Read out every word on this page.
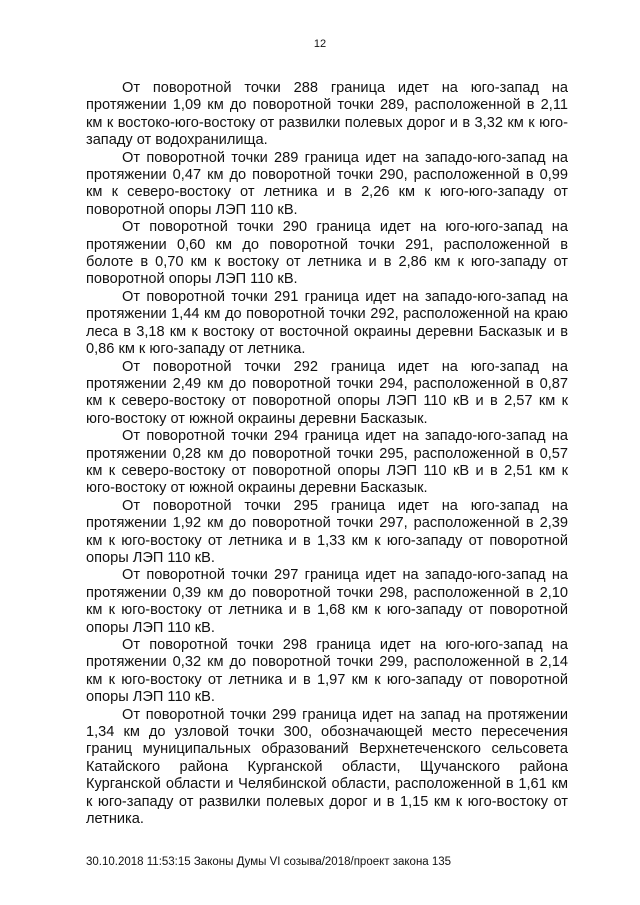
12

От поворотной точки 288 граница идет на юго-запад на протяжении 1,09 км до поворотной точки 289, расположенной в 2,11 км к востоко-юго-востоку от развилки полевых дорог и в 3,32 км к юго-западу от водохранилища.

От поворотной точки 289 граница идет на западо-юго-запад на протяжении 0,47 км до поворотной точки 290, расположенной в 0,99 км к северо-востоку от летника и в 2,26 км к юго-юго-западу от поворотной опоры ЛЭП 110 кВ.

От поворотной точки 290 граница идет на юго-юго-запад на протяжении 0,60 км до поворотной точки 291, расположенной в болоте в 0,70 км к востоку от летника и в 2,86 км к юго-западу от поворотной опоры ЛЭП 110 кВ.

От поворотной точки 291 граница идет на западо-юго-запад на протяжении 1,44 км до поворотной точки 292, расположенной на краю леса в 3,18 км к востоку от восточной окраины деревни Басказык и в 0,86 км к юго-западу от летника.

От поворотной точки 292 граница идет на юго-запад на протяжении 2,49 км до поворотной точки 294, расположенной в 0,87 км к северо-востоку от поворотной опоры ЛЭП 110 кВ и в 2,57 км к юго-востоку от южной окраины деревни Басказык.

От поворотной точки 294 граница идет на западо-юго-запад на протяжении 0,28 км до поворотной точки 295, расположенной в 0,57 км к северо-востоку от поворотной опоры ЛЭП 110 кВ и в 2,51 км к юго-востоку от южной окраины деревни Басказык.

От поворотной точки 295 граница идет на юго-запад на протяжении 1,92 км до поворотной точки 297, расположенной в 2,39 км к юго-востоку от летника и в 1,33 км к юго-западу от поворотной опоры ЛЭП 110 кВ.

От поворотной точки 297 граница идет на западо-юго-запад на протяжении 0,39 км до поворотной точки 298, расположенной в 2,10 км к юго-востоку от летника и в 1,68 км к юго-западу от поворотной опоры ЛЭП 110 кВ.

От поворотной точки 298 граница идет на юго-юго-запад на протяжении 0,32 км до поворотной точки 299, расположенной в 2,14 км к юго-востоку от летника и в 1,97 км к юго-западу от поворотной опоры ЛЭП 110 кВ.

От поворотной точки 299 граница идет на запад на протяжении 1,34 км до узловой точки 300, обозначающей место пересечения границ муниципальных образований Верхнетеченского сельсовета Катайского района Курганской области, Щучанского района Курганской области и Челябинской области, расположенной в 1,61 км к юго-западу от развилки полевых дорог и в 1,15 км к юго-востоку от летника.

30.10.2018 11:53:15 Законы Думы VI созыва/2018/проект закона 135
